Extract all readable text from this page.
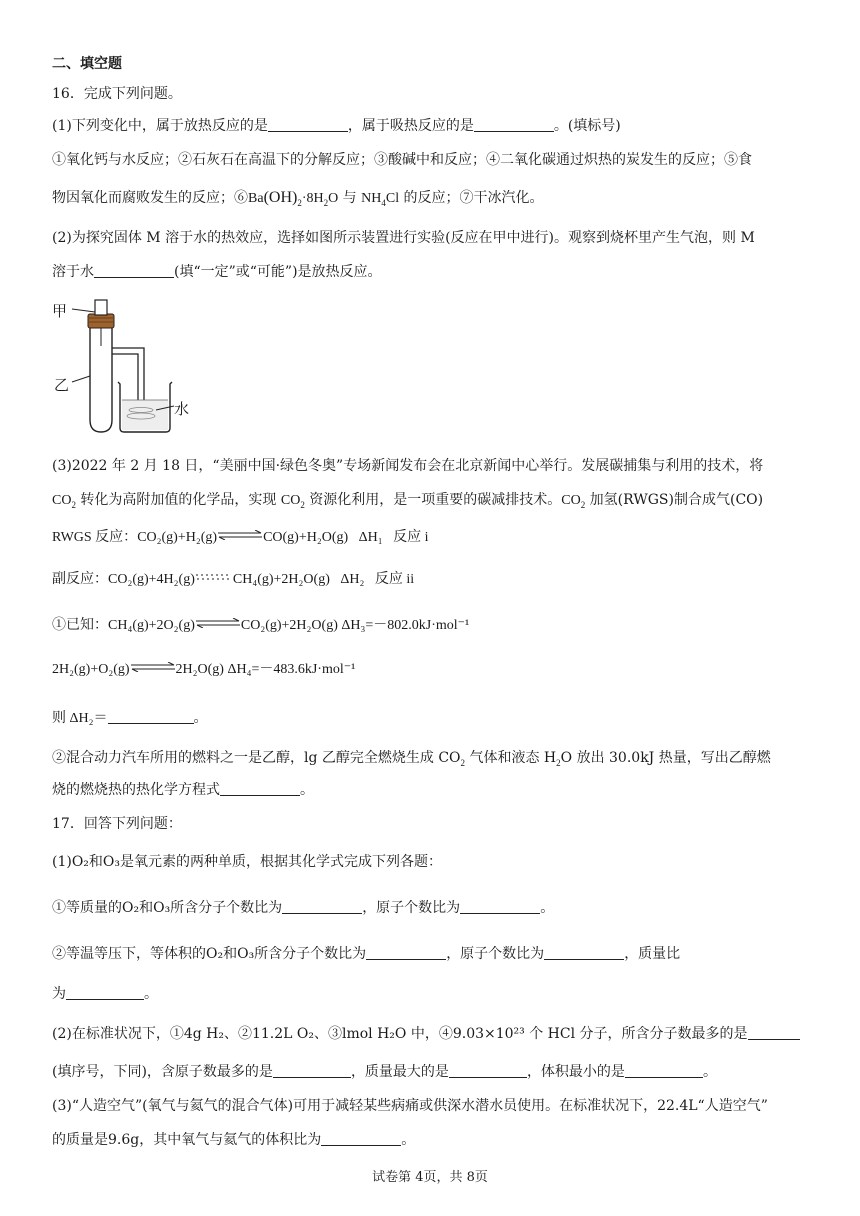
二、填空题
16．完成下列问题。
(1)下列变化中，属于放热反应的是	，属于吸热反应的是	。(填标号)
①氧化钙与水反应；②石灰石在高温下的分解反应；③酸碱中和反应；④二氧化碳通过炽热的炭发生的反应；⑤食
物因氧化而腐败发生的反应；$⑥Ba(OH)_2\cdot 8H_2O$ 与 $NH_4Cl$ 的反应；⑦干冰汽化。
(2)为探究固体 M 溶于水的热效应，选择如图所示装置进行实验(反应在甲中进行)。观察到烧杯里产生气泡，则 M
溶于水	(填“一定”或“可能”)是放热反应。
甲
乙
水
(3)2022 年 2 月 18 日，“美丽中国·绿色冬奥”专场新闻发布会在北京新闻中心举行。发展碳捕集与利用的技术，将
$CO_2$ 转化为高附加值的化学品，实现 $CO_2$ 资源化利用，是一项重要的碳减排技术。$CO_2$ 加氢(RWGS)制合成气(CO)
RWGS 反应：CO₂(g)+H₂(g)⇌CO(g)+H₂O(g) ΔH₁ 反应 i
副反应：CO₂(g)+4H₂(g)	CH₄(g)+2H₂O(g) ΔH₂ 反应 ii
①已知：CH₄(g)+2O₂(g)⇌CO₂(g)+2H₂O(g) ΔH₃=－802.0kJ·mol⁻¹
2H₂(g)+O₂(g)⇌2H₂O(g) ΔH₄=－483.6kJ·mol⁻¹
则 ΔH₂＝	。
②混合动力汽车所用的燃料之一是乙醇，lg 乙醇完全燃烧生成 $CO_2$ 气体和液态 $H_2O$ 放出 30.0kJ 热量，写出乙醇燃
烧的燃烧热的热化学方程式	。
17．回答下列问题：
(1)O₂和O₃是氧元素的两种单质，根据其化学式完成下列各题：
①等质量的O₂和O₃所含分子个数比为	，原子个数比为	。
②等温等压下，等体积的O₂和O₃所含分子个数比为	，原子个数比为	，质量比
为	。
(2)在标准状况下，①4g H₂、②11.2L O₂、③lmol H₂O 中，④9.03×10²³ 个 HCl 分子，所含分子数最多的是
(填序号，下同)，含原子数最多的是	，质量最大的是	，体积最小的是	。
(3)“人造空气”(氧气与氦气的混合气体)可用于减轻某些病痛或供深水潜水员使用。在标准状况下，22.4L“人造空气”
的质量是9.6g，其中氧气与氦气的体积比为	。
试卷第 4页，共 8页
